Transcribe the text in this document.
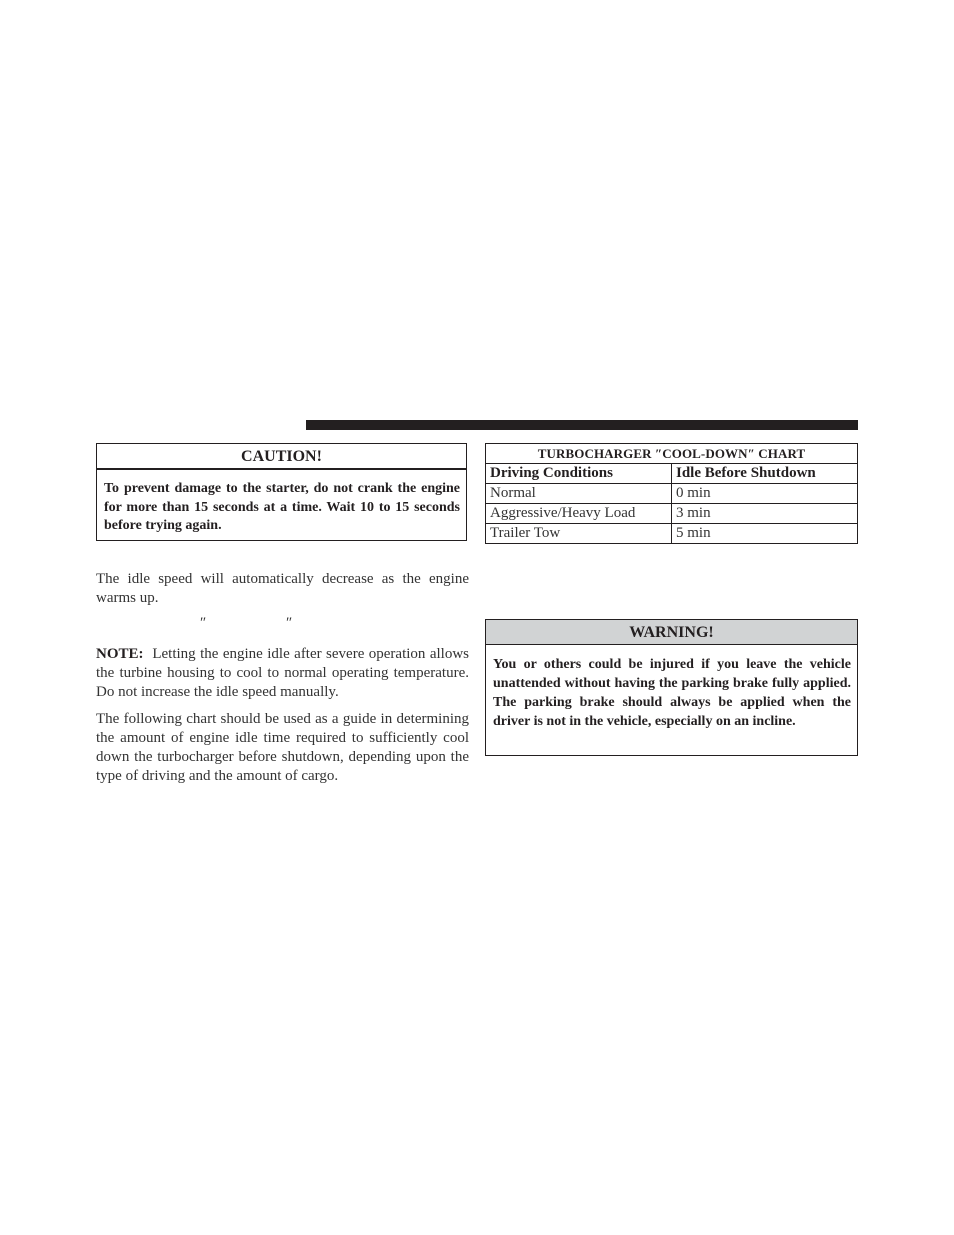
CAUTION!
To prevent damage to the starter, do not crank the engine for more than 15 seconds at a time. Wait 10 to 15 seconds before trying again.
The idle speed will automatically decrease as the engine warms up.
″	″
NOTE: Letting the engine idle after severe operation allows the turbine housing to cool to normal operating temperature. Do not increase the idle speed manually.
The following chart should be used as a guide in determining the amount of engine idle time required to sufficiently cool down the turbocharger before shutdown, depending upon the type of driving and the amount of cargo.
TURBOCHARGER ″COOL-DOWN″ CHART	
Driving Conditions	Idle Before Shutdown
Normal	0 min
Aggressive/Heavy Load	3 min
Trailer Tow	5 min
WARNING!
You or others could be injured if you leave the vehicle unattended without having the parking brake fully applied. The parking brake should always be applied when the driver is not in the vehicle, especially on an incline.
